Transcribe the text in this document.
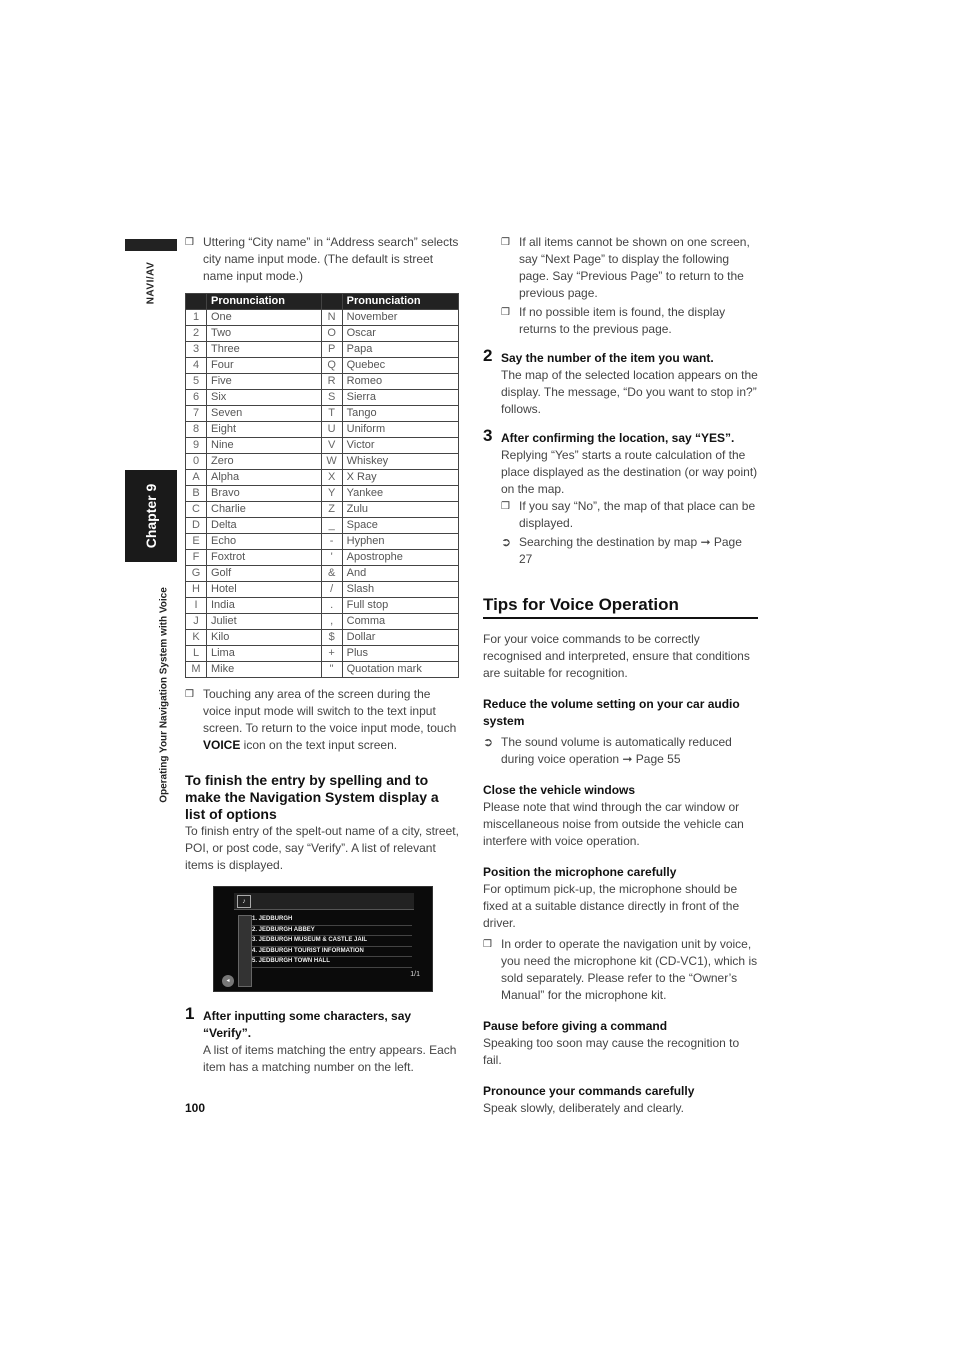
NAVI/AV
Chapter 9
Operating Your Navigation System with Voice
❒ Uttering “City name” in “Address search” selects city name input mode. (The default is street name input mode.)
	Pronunciation		Pronunciation
1	One	N	November
2	Two	O	Oscar
3	Three	P	Papa
4	Four	Q	Quebec
5	Five	R	Romeo
6	Six	S	Sierra
7	Seven	T	Tango
8	Eight	U	Uniform
9	Nine	V	Victor
0	Zero	W	Whiskey
A	Alpha	X	X Ray
B	Bravo	Y	Yankee
C	Charlie	Z	Zulu
D	Delta	_	Space
E	Echo	-	Hyphen
F	Foxtrot	'	Apostrophe
G	Golf	&	And
H	Hotel	/	Slash
I	India	.	Full stop
J	Juliet	,	Comma
K	Kilo	$	Dollar
L	Lima	+	Plus
M	Mike	"	Quotation mark
❒ Touching any area of the screen during the voice input mode will switch to the text input screen. To return to the voice input mode, touch VOICE icon on the text input screen.
To finish the entry by spelling and to make the Navigation System display a list of options

To finish entry of the spelt-out name of a city, street, POI, or post code, say “Verify”. A list of relevant items is displayed.

♪
1. JEDBURGH
2. JEDBURGH ABBEY
3. JEDBURGH MUSEUM & CASTLE JAIL
4. JEDBURGH TOURIST INFORMATION
5. JEDBURGH TOWN HALL
1/1
◂
1 After inputting some characters, say “Verify”.

A list of items matching the entry appears. Each item has a matching number on the left.

❒ If all items cannot be shown on one screen, say “Next Page” to display the following page. Say “Previous Page” to return to the previous page.
❒ If no possible item is found, the display returns to the previous page.
2 Say the number of the item you want.

The map of the selected location appears on the display. The message, “Do you want to stop in?” follows.

3 After confirming the location, say “YES”.

Replying “Yes” starts a route calculation of the place displayed as the destination (or way point) on the map.

❒ If you say “No”, the map of that place can be displayed.
➲ Searching the destination by map ➞ Page 27
Tips for Voice Operation

For your voice commands to be correctly recognised and interpreted, ensure that conditions are suitable for recognition.

Reduce the volume setting on your car audio system
➲ The sound volume is automatically reduced during voice operation ➞ Page 55
Close the vehicle windows

Please note that wind through the car window or miscellaneous noise from outside the vehicle can interfere with voice operation.

Position the microphone carefully

For optimum pick-up, the microphone should be fixed at a suitable distance directly in front of the driver.

❒ In order to operate the navigation unit by voice, you need the microphone kit (CD-VC1), which is sold separately. Please refer to the “Owner’s Manual” for the microphone kit.
Pause before giving a command

Speaking too soon may cause the recognition to fail.

Pronounce your commands carefully

Speak slowly, deliberately and clearly.

100
